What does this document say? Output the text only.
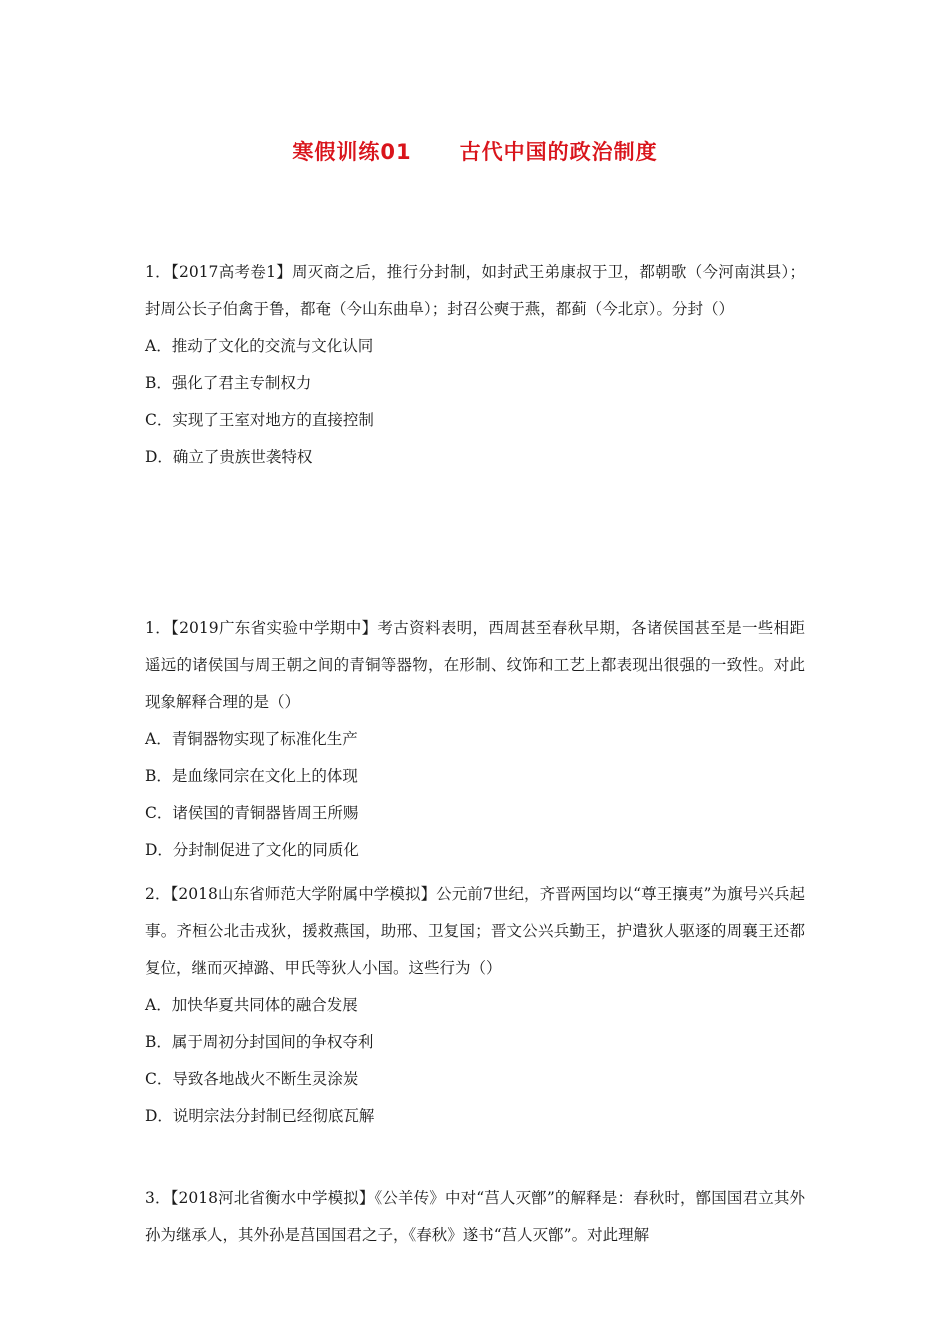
寒假训练01 古代中国的政治制度
1．【2017高考卷1】周灭商之后，推行分封制，如封武王弟康叔于卫，都朝歌（今河南淇县）；封周公长子伯禽于鲁，都奄（今山东曲阜）；封召公奭于燕，都蓟（今北京）。分封（）
A．推动了文化的交流与文化认同
B．强化了君主专制权力
C．实现了王室对地方的直接控制
D．确立了贵族世袭特权
1．【2019广东省实验中学期中】考古资料表明，西周甚至春秋早期，各诸侯国甚至是一些相距遥远的诸侯国与周王朝之间的青铜等器物，在形制、纹饰和工艺上都表现出很强的一致性。对此现象解释合理的是（）
A．青铜器物实现了标准化生产
B．是血缘同宗在文化上的体现
C．诸侯国的青铜器皆周王所赐
D．分封制促进了文化的同质化
2．【2018山东省师范大学附属中学模拟】公元前7世纪，齐晋两国均以“尊王攘夷”为旗号兴兵起事。齐桓公北击戎狄，援救燕国，助邢、卫复国；晋文公兴兵勤王，护遣狄人驱逐的周襄王还都复位，继而灭掉潞、甲氏等狄人小国。这些行为（）
A．加快华夏共同体的融合发展
B．属于周初分封国间的争权夺利
C．导致各地战火不断生灵涂炭
D．说明宗法分封制已经彻底瓦解
3．【2018河北省衡水中学模拟】《公羊传》中对“莒人灭鄫”的解释是：春秋时，鄫国国君立其外孙为继承人，其外孙是莒国国君之子，《春秋》遂书“莒人灭鄫”。对此理解
